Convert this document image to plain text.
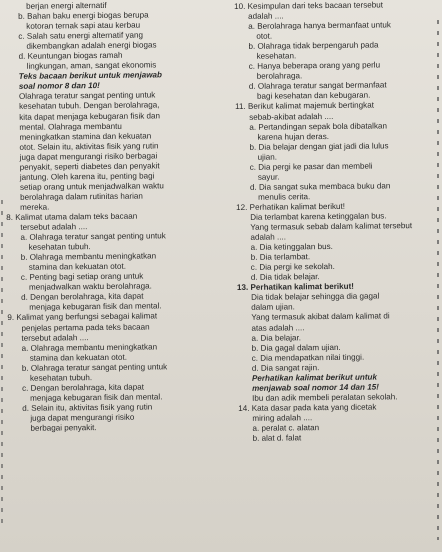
berjan energi alternatif

b. Bahan baku energi biogas berupa

kotoran ternak sapi atau kerbau

c. Salah satu energi alternatif yang

dikembangkan adalah energi biogas

d. Keuntungan biogas ramah

lingkungan, aman, sangat ekonomis

Teks bacaan berikut untuk menjawab

soal nomor 8 dan 10!

Olahraga teratur sangat penting untuk

kesehatan tubuh. Dengan berolahraga,

kita dapat menjaga kebugaran fisik dan

mental. Olahraga membantu

meningkatkan stamina dan kekuatan

otot. Selain itu, aktivitas fisik yang rutin

juga dapat mengurangi risiko berbagai

penyakit, seperti diabetes dan penyakit

jantung. Oleh karena itu, penting bagi

setiap orang untuk menjadwalkan waktu

berolahraga dalam rutinitas harian

mereka.

8. Kalimat utama dalam teks bacaan

tersebut adalah ....

a. Olahraga teratur sangat penting untuk

kesehatan tubuh.

b. Olahraga membantu meningkatkan

stamina dan kekuatan otot.

c. Penting bagi setiap orang untuk

menjadwalkan waktu berolahraga.

d. Dengan berolahraga, kita dapat

menjaga kebugaran fisik dan mental.

9. Kalimat yang berfungsi sebagai kalimat

penjelas pertama pada teks bacaan

tersebut adalah ....

a. Olahraga membantu meningkatkan

stamina dan kekuatan otot.

b. Olahraga teratur sangat penting untuk

kesehatan tubuh.

c. Dengan berolahraga, kita dapat

menjaga kebugaran fisik dan mental.

d. Selain itu, aktivitas fisik yang rutin

juga dapat mengurangi risiko

berbagai penyakit.

10. Kesimpulan dari teks bacaan tersebut

adalah ....

a. Berolahraga hanya bermanfaat untuk

otot.

b. Olahraga tidak berpengaruh pada

kesehatan.

c. Hanya beberapa orang yang perlu

berolahraga.

d. Olahraga teratur sangat bermanfaat

bagi kesehatan dan kebugaran.

11. Berikut kalimat majemuk bertingkat

sebab-akibat adalah ....

a. Pertandingan sepak bola dibatalkan

karena hujan deras.

b. Dia belajar dengan giat jadi dia lulus

ujian.

c. Dia pergi ke pasar dan membeli

sayur.

d. Dia sangat suka membaca buku dan

menulis cerita.

12. Perhatikan kalimat berikut!

Dia terlambat karena ketinggalan bus.

Yang termasuk sebab dalam kalimat tersebut

adalah ....

a. Dia ketinggalan bus.

b. Dia terlambat.

c. Dia pergi ke sekolah.

d. Dia tidak belajar.

13. Perhatikan kalimat berikut!

Dia tidak belajar sehingga dia gagal

dalam ujian.

Yang termasuk akibat dalam kalimat di

atas adalah ....

a. Dia belajar.

b. Dia gagal dalam ujian.

c. Dia mendapatkan nilai tinggi.

d. Dia sangat rajin.

Perhatikan kalimat berikut untuk

menjawab soal nomor 14 dan 15!

Ibu dan adik membeli peralatan sekolah.

14. Kata dasar pada kata yang dicetak

miring adalah ....

a. peralat c. alatan

b. alat d. falat
